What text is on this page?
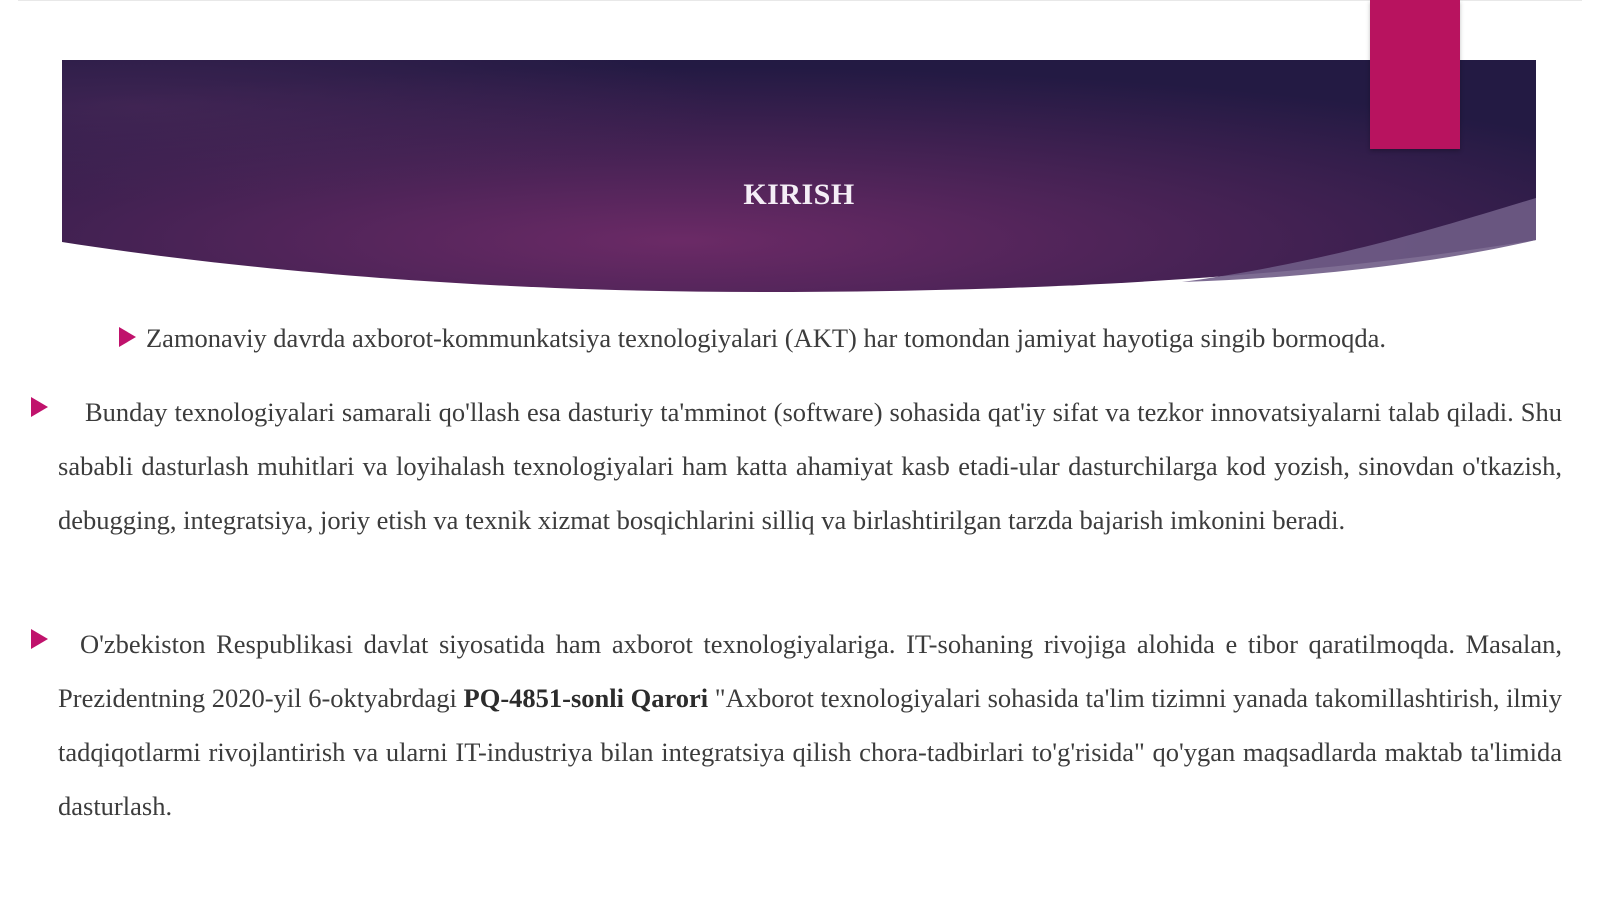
KIRISH
Zamonaviy davrda axborot-kommunkatsiya texnologiyalari (AKT) har tomondan jamiyat hayotiga singib bormoqda.
Bunday texnologiyalari samarali qo'llash esa dasturiy ta'mminot (software) sohasida qat'iy sifat va tezkor innovatsiyalarni talab qiladi. Shu sababli dasturlash muhitlari va loyihalash texnologiyalari ham katta ahamiyat kasb etadi-ular dasturchilarga kod yozish, sinovdan o'tkazish, debugging, integratsiya, joriy etish va texnik xizmat bosqichlarini silliq va birlashtirilgan tarzda bajarish imkonini beradi.
O'zbekiston Respublikasi davlat siyosatida ham axborot texnologiyalariga. IT-sohaning rivojiga alohida e tibor qaratilmoqda. Masalan, Prezidentning 2020-yil 6-oktyabrdagi PQ-4851-sonli Qarori "Axborot texnologiyalari sohasida ta'lim tizimni yanada takomillashtirish, ilmiy tadqiqotlarmi rivojlantirish va ularni IT-industriya bilan integratsiya qilish chora-tadbirlari to'g'risida" qo'ygan maqsadlarda maktab ta'limida dasturlash.
